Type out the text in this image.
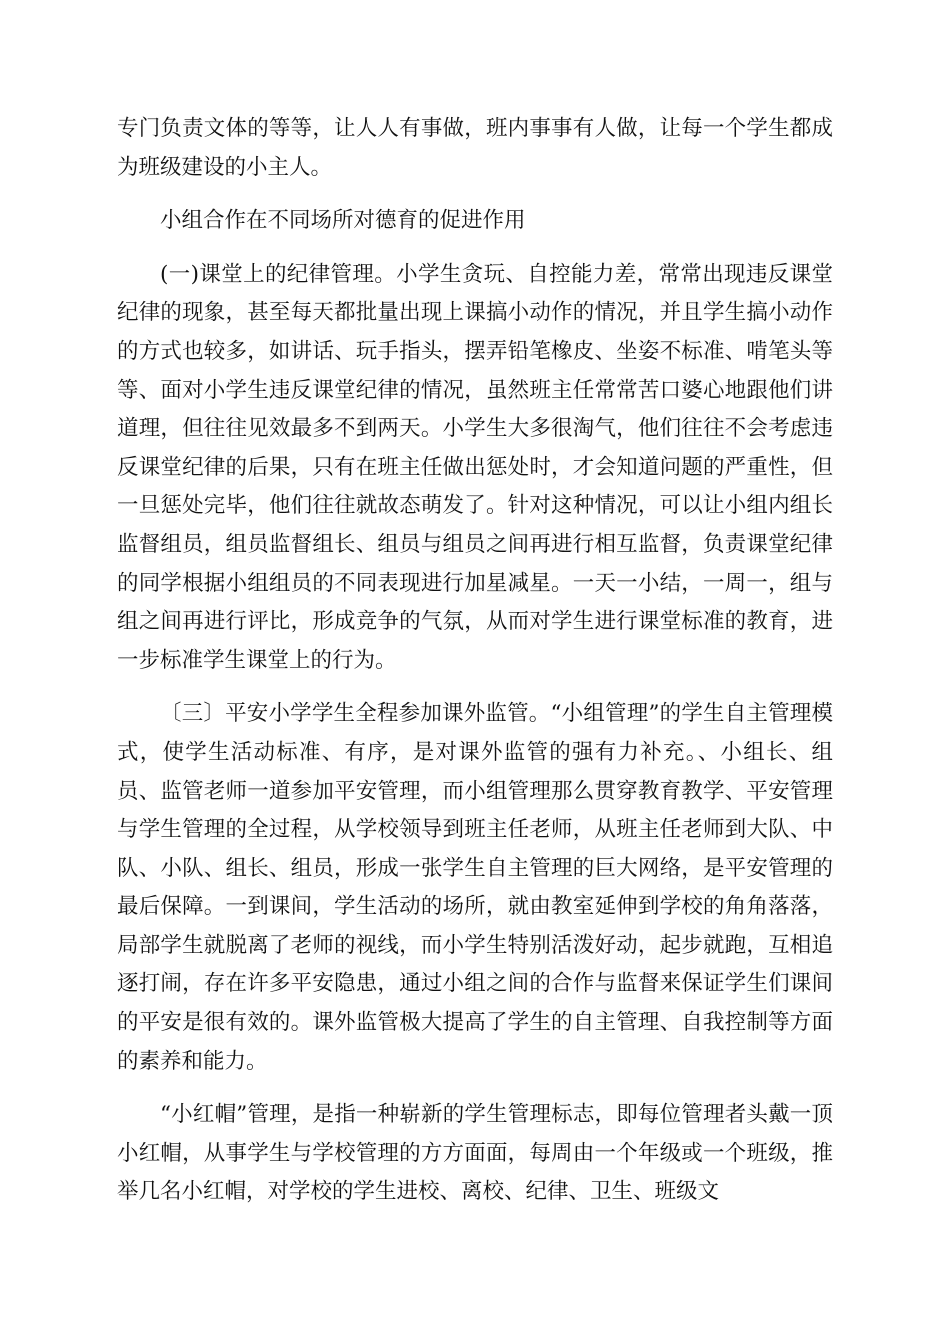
专门负责文体的等等，让人人有事做，班内事事有人做，让每一个学生都成为班级建设的小主人。

小组合作在不同场所对德育的促进作用

(一)课堂上的纪律管理。小学生贪玩、自控能力差，常常出现违反课堂纪律的现象，甚至每天都批量出现上课搞小动作的情况，并且学生搞小动作的方式也较多，如讲话、玩手指头，摆弄铅笔橡皮、坐姿不标准、啃笔头等等、面对小学生违反课堂纪律的情况，虽然班主任常常苦口婆心地跟他们讲道理，但往往见效最多不到两天。小学生大多很淘气，他们往往不会考虑违反课堂纪律的后果，只有在班主任做出惩处时，才会知道问题的严重性，但一旦惩处完毕，他们往往就故态萌发了。针对这种情况，可以让小组内组长监督组员，组员监督组长、组员与组员之间再进行相互监督，负责课堂纪律的同学根据小组组员的不同表现进行加星减星。一天一小结，一周一，组与组之间再进行评比，形成竞争的气氛，从而对学生进行课堂标准的教育，进一步标准学生课堂上的行为。

〔三〕平安小学学生全程参加课外监管。“小组管理”的学生自主管理模式，使学生活动标准、有序，是对课外监管的强有力补充。、小组长、组员、监管老师一道参加平安管理，而小组管理那么贯穿教育教学、平安管理与学生管理的全过程，从学校领导到班主任老师，从班主任老师到大队、中队、小队、组长、组员，形成一张学生自主管理的巨大网络，是平安管理的最后保障。一到课间，学生活动的场所，就由教室延伸到学校的角角落落，局部学生就脱离了老师的视线，而小学生特别活泼好动，起步就跑，互相追逐打闹，存在许多平安隐患，通过小组之间的合作与监督来保证学生们课间的平安是很有效的。课外监管极大提高了学生的自主管理、自我控制等方面的素养和能力。

“小红帽”管理，是指一种崭新的学生管理标志，即每位管理者头戴一顶小红帽，从事学生与学校管理的方方面面，每周由一个年级或一个班级，推举几名小红帽，对学校的学生进校、离校、纪律、卫生、班级文
